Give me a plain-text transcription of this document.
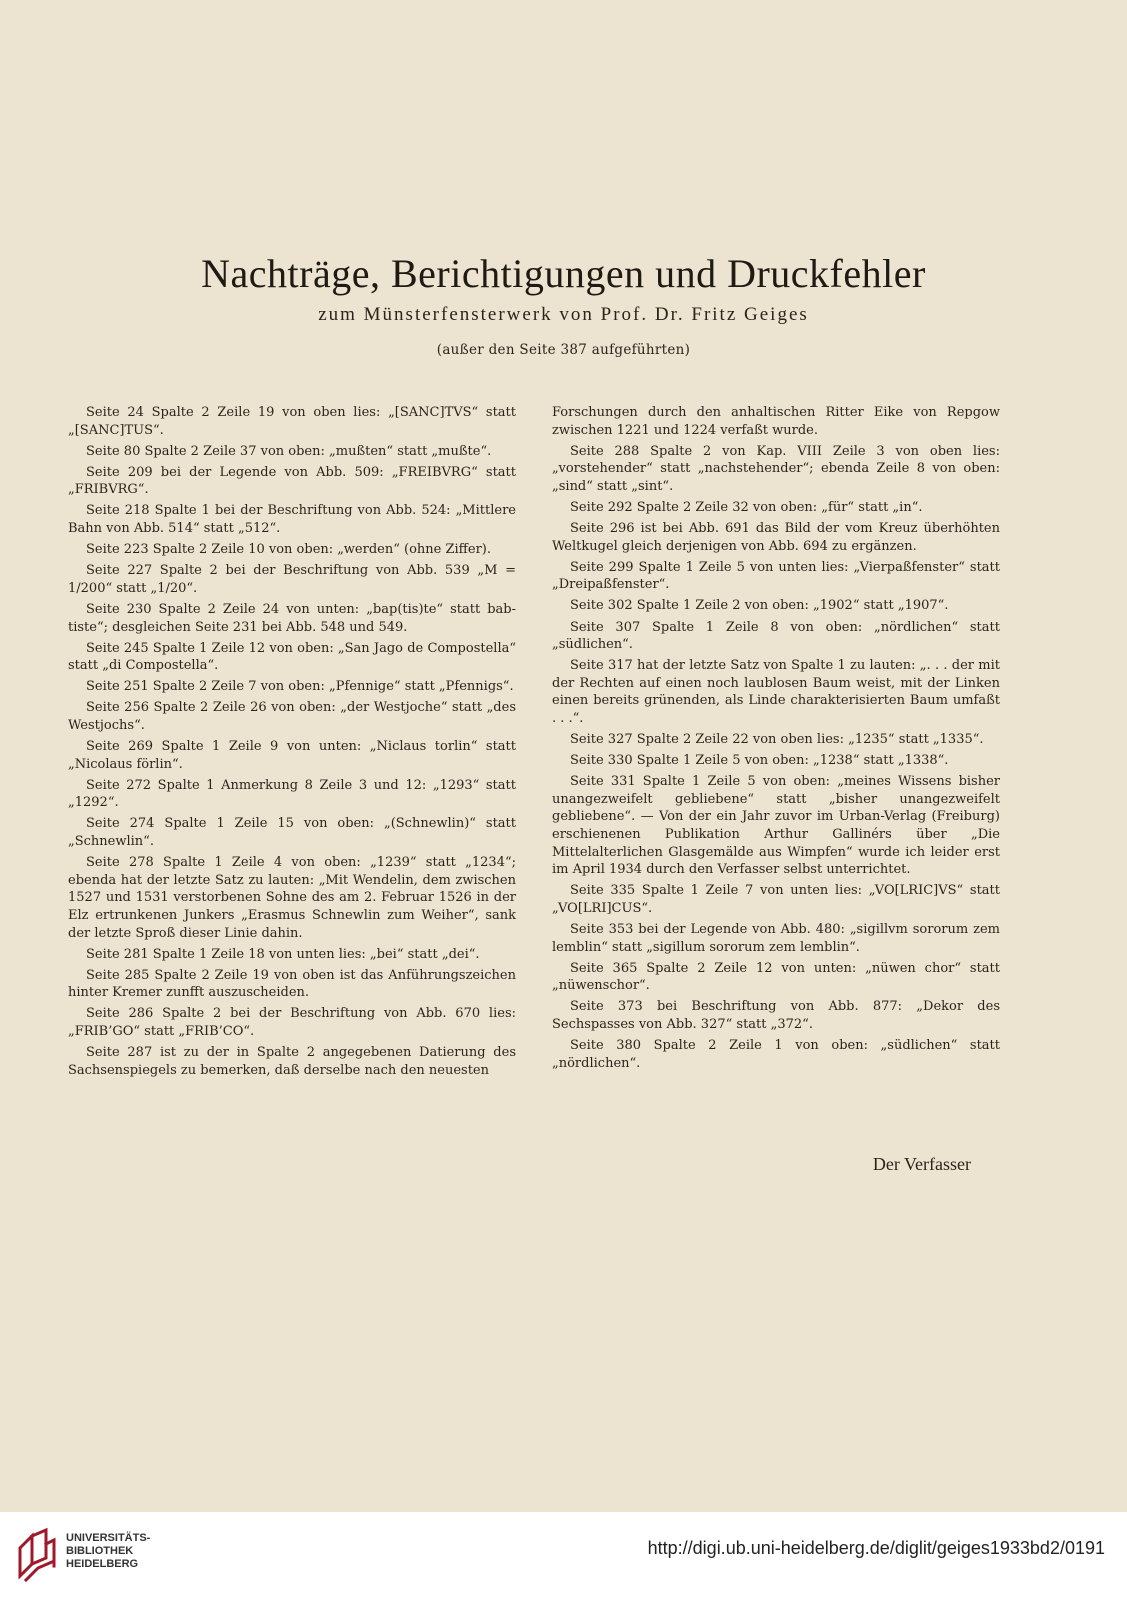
Nachträge, Berichtigungen und Druckfehler
zum Münsterfensterwerk von Prof. Dr. Fritz Geiges
(außer den Seite 387 aufgeführten)

Seite 24 Spalte 2 Zeile 19 von oben lies: „[SANC]TVS“ statt „[SANC]TUS“.

Seite 80 Spalte 2 Zeile 37 von oben: „mußten“ statt „mußte“.

Seite 209 bei der Legende von Abb. 509: „FREIBVRG“ statt „FRIBVRG“.

Seite 218 Spalte 1 bei der Beschriftung von Abb. 524: „Mittlere Bahn von Abb. 514“ statt „512“.

Seite 223 Spalte 2 Zeile 10 von oben: „werden“ (ohne Ziffer).

Seite 227 Spalte 2 bei der Beschriftung von Abb. 539 „M = 1/200“ statt „1/20“.

Seite 230 Spalte 2 Zeile 24 von unten: „bap(tis)te“ statt bab-tiste“; desgleichen Seite 231 bei Abb. 548 und 549.

Seite 245 Spalte 1 Zeile 12 von oben: „San Jago de Compostella“ statt „di Compostella“.

Seite 251 Spalte 2 Zeile 7 von oben: „Pfennige“ statt „Pfennigs“.

Seite 256 Spalte 2 Zeile 26 von oben: „der Westjoche“ statt „des Westjochs“.

Seite 269 Spalte 1 Zeile 9 von unten: „Niclaus torlin“ statt „Nicolaus förlin“.

Seite 272 Spalte 1 Anmerkung 8 Zeile 3 und 12: „1293“ statt „1292“.

Seite 274 Spalte 1 Zeile 15 von oben: „(Schnewlin)“ statt „Schnewlin“.

Seite 278 Spalte 1 Zeile 4 von oben: „1239“ statt „1234“; ebenda hat der letzte Satz zu lauten: „Mit Wendelin, dem zwischen 1527 und 1531 verstorbenen Sohne des am 2. Februar 1526 in der Elz ertrunkenen Junkers „Erasmus Schnewlin zum Weiher“, sank der letzte Sproß dieser Linie dahin.

Seite 281 Spalte 1 Zeile 18 von unten lies: „bei“ statt „dei“.

Seite 285 Spalte 2 Zeile 19 von oben ist das Anführungszeichen hinter Kremer zunfft auszuscheiden.

Seite 286 Spalte 2 bei der Beschriftung von Abb. 670 lies: „FRIB’GO“ statt „FRIB’CO“.

Seite 287 ist zu der in Spalte 2 angegebenen Datierung des Sachsenspiegels zu bemerken, daß derselbe nach den neuesten

Forschungen durch den anhaltischen Ritter Eike von Repgow zwischen 1221 und 1224 verfaßt wurde.

Seite 288 Spalte 2 von Kap. VIII Zeile 3 von oben lies: „vorstehender“ statt „nachstehender“; ebenda Zeile 8 von oben: „sind“ statt „sint“.

Seite 292 Spalte 2 Zeile 32 von oben: „für“ statt „in“.

Seite 296 ist bei Abb. 691 das Bild der vom Kreuz überhöhten Weltkugel gleich derjenigen von Abb. 694 zu ergänzen.

Seite 299 Spalte 1 Zeile 5 von unten lies: „Vierpaßfenster“ statt „Dreipaßfenster“.

Seite 302 Spalte 1 Zeile 2 von oben: „1902“ statt „1907“.

Seite 307 Spalte 1 Zeile 8 von oben: „nördlichen“ statt „südlichen“.

Seite 317 hat der letzte Satz von Spalte 1 zu lauten: „. . . der mit der Rechten auf einen noch laublosen Baum weist, mit der Linken einen bereits grünenden, als Linde charakterisierten Baum umfaßt . . .“.

Seite 327 Spalte 2 Zeile 22 von oben lies: „1235“ statt „1335“.

Seite 330 Spalte 1 Zeile 5 von oben: „1238“ statt „1338“.

Seite 331 Spalte 1 Zeile 5 von oben: „meines Wissens bisher unangezweifelt gebliebene“ statt „bisher unangezweifelt gebliebene“. — Von der ein Jahr zuvor im Urban-Verlag (Freiburg) erschienenen Publikation Arthur Gallinérs über „Die Mittelalterlichen Glasgemälde aus Wimpfen“ wurde ich leider erst im April 1934 durch den Verfasser selbst unterrichtet.

Seite 335 Spalte 1 Zeile 7 von unten lies: „VO[LRIC]VS“ statt „VO[LRI]CUS“.

Seite 353 bei der Legende von Abb. 480: „sigillvm sororum zem lemblin“ statt „sigillum sororum zem lemblin“.

Seite 365 Spalte 2 Zeile 12 von unten: „nüwen chor“ statt „nüwenschor“.

Seite 373 bei Beschriftung von Abb. 877: „Dekor des Sechspasses von Abb. 327“ statt „372“.

Seite 380 Spalte 2 Zeile 1 von oben: „südlichen“ statt „nördlichen“.

Der Verfasser
UNIVERSITÄTS-
BIBLIOTHEK
HEIDELBERG
http://digi.ub.uni-heidelberg.de/diglit/geiges1933bd2/0191
